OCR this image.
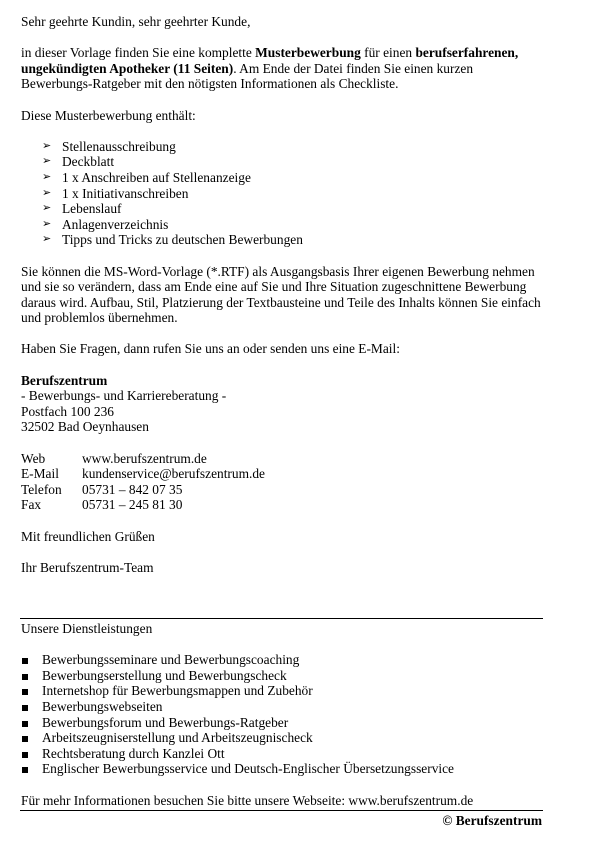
Sehr geehrte Kundin, sehr geehrter Kunde,

in dieser Vorlage finden Sie eine komplette Musterbewerbung für einen berufserfahrenen, ungekündigten Apotheker (11 Seiten). Am Ende der Datei finden Sie einen kurzen Bewerbungs-Ratgeber mit den nötigsten Informationen als Checkliste.

Diese Musterbewerbung enthält:

➢ Stellenausschreibung
➢ Deckblatt
➢ 1 x Anschreiben auf Stellenanzeige
➢ 1 x Initiativanschreiben
➢ Lebenslauf
➢ Anlagenverzeichnis
➢ Tipps und Tricks zu deutschen Bewerbungen

Sie können die MS-Word-Vorlage (*.RTF) als Ausgangsbasis Ihrer eigenen Bewerbung nehmen und sie so verändern, dass am Ende eine auf Sie und Ihre Situation zugeschnittene Bewerbung daraus wird. Aufbau, Stil, Platzierung der Textbausteine und Teile des Inhalts können Sie einfach und problemlos übernehmen.

Haben Sie Fragen, dann rufen Sie uns an oder senden uns eine E-Mail:

Berufszentrum

- Bewerbungs- und Karriereberatung -

Postfach 100 236

32502 Bad Oeynhausen

Web	www.berufszentrum.de
E-Mail	kundenservice@berufszentrum.de
Telefon	05731 – 842 07 35
Fax	05731 – 245 81 30

Mit freundlichen Grüßen

Ihr Berufszentrum-Team

Unsere Dienstleistungen

Bewerbungsseminare und Bewerbungscoaching
Bewerbungserstellung und Bewerbungscheck
Internetshop für Bewerbungsmappen und Zubehör
Bewerbungswebseiten
Bewerbungsforum und Bewerbungs-Ratgeber
Arbeitszeugniserstellung und Arbeitszeugnischeck
Rechtsberatung durch Kanzlei Ott
Englischer Bewerbungsservice und Deutsch-Englischer Übersetzungsservice

Für mehr Informationen besuchen Sie bitte unsere Webseite: www.berufszentrum.de

© Berufszentrum
